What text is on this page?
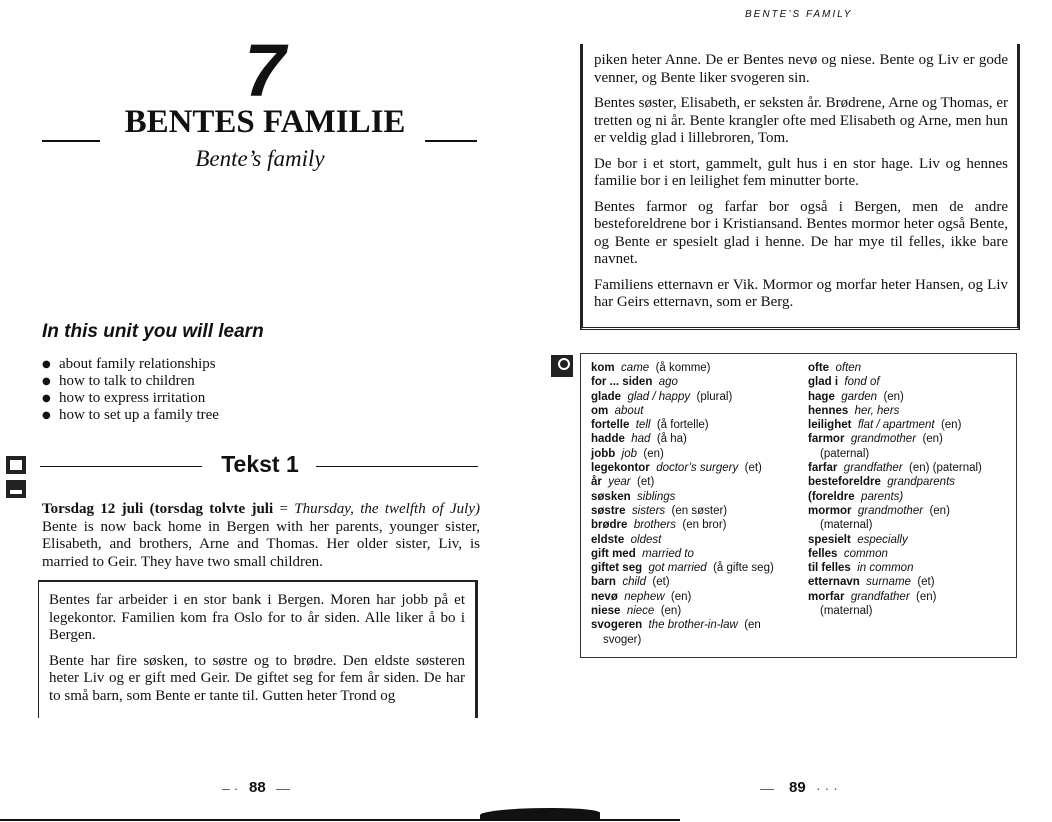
7
BENTES FAMILIE
Bente’s family
In this unit you will learn
● about family relationships
● how to talk to children
● how to express irritation
● how to set up a family tree
Tekst 1
Torsdag 12 juli (torsdag tolvte juli = Thursday, the twelfth of July) Bente is now back home in Bergen with her parents, younger sister, Elisabeth, and brothers, Arne and Thomas. Her older sister, Liv, is married to Geir. They have two small children.

Bentes far arbeider i en stor bank i Bergen. Moren har jobb på et legekontor. Familien kom fra Oslo for to år siden. Alle liker å bo i Bergen.

Bente har fire søsken, to søstre og to brødre. Den eldste søsteren heter Liv og er gift med Geir. De giftet seg for fem år siden. De har to små barn, som Bente er tante til. Gutten heter Trond og

– · 88 —
BENTE’S FAMILY

piken heter Anne. De er Bentes nevø og niese. Bente og Liv er gode venner, og Bente liker svogeren sin.

Bentes søster, Elisabeth, er seksten år. Brødrene, Arne og Thomas, er tretten og ni år. Bente krangler ofte med Elisabeth og Arne, men hun er veldig glad i lillebroren, Tom.

De bor i et stort, gammelt, gult hus i en stor hage. Liv og hennes familie bor i en leilighet fem minutter borte.

Bentes farmor og farfar bor også i Bergen, men de andre besteforeldrene bor i Kristiansand. Bentes mormor heter også Bente, og Bente er spesielt glad i henne. De har mye til felles, ikke bare navnet.

Familiens etternavn er Vik. Mormor og morfar heter Hansen, og Liv har Geirs etternavn, som er Berg.

kom came (å komme)
for ... siden ago
glade glad / happy (plural)
om about
fortelle tell (å fortelle)
hadde had (å ha)
jobb job (en)
legekontor doctor’s surgery (et)
år year (et)
søsken siblings
søstre sisters (en søster)
brødre brothers (en bror)
eldste oldest
gift med married to
giftet seg got married (å gifte seg)
barn child (et)
nevø nephew (en)
niese niece (en)
svogeren the brother-in-law (en
svoger)
ofte often
glad i fond of
hage garden (en)
hennes her, hers
leilighet flat / apartment (en)
farmor grandmother (en)
(paternal)
farfar grandfather (en) (paternal)
besteforeldre grandparents
(foreldre parents)
mormor grandmother (en)
(maternal)
spesielt especially
felles common
til felles in common
etternavn surname (et)
morfar grandfather (en)
(maternal)
— 89 · · ·
